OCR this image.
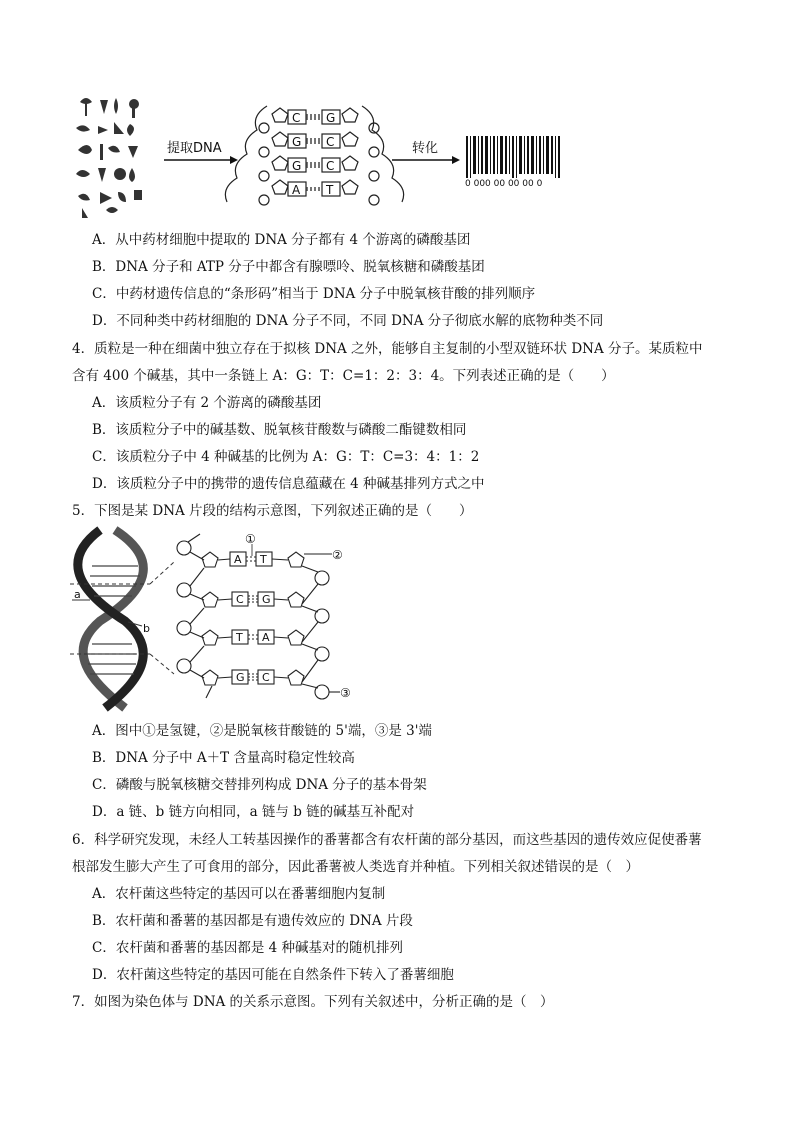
提取DNA
C G
G C
G C
A T
转化
0 000 00 00 00 0
A．从中药材细胞中提取的 DNA 分子都有 4 个游离的磷酸基团
B．DNA 分子和 ATP 分子中都含有腺嘌呤、脱氧核糖和磷酸基团
C．中药材遗传信息的“条形码”相当于 DNA 分子中脱氧核苷酸的排列顺序
D．不同种类中药材细胞的 DNA 分子不同，不同 DNA 分子彻底水解的底物种类不同
4．质粒是一种在细菌中独立存在于拟核 DNA 之外，能够自主复制的小型双链环状 DNA 分子。某质粒中
含有 400 个碱基，其中一条链上 A：G：T：C=1：2：3：4。下列表述正确的是（　　）
A．该质粒分子有 2 个游离的磷酸基团
B．该质粒分子中的碱基数、脱氧核苷酸数与磷酸二酯键数相同
C．该质粒分子中 4 种碱基的比例为 A：G：T：C=3：4：1：2
D．该质粒分子中的携带的遗传信息蕴藏在 4 种碱基排列方式之中
5．下图是某 DNA 片段的结构示意图，下列叙述正确的是（　　）
a
b
A T
C G
T A
G C
①
②
③
A．图中①是氢键，②是脱氧核苷酸链的 5'端，③是 3'端
B．DNA 分子中 A＋T 含量高时稳定性较高
C．磷酸与脱氧核糖交替排列构成 DNA 分子的基本骨架
D．a 链、b 链方向相同，a 链与 b 链的碱基互补配对
6．科学研究发现，未经人工转基因操作的番薯都含有农杆菌的部分基因，而这些基因的遗传效应促使番薯
根部发生膨大产生了可食用的部分，因此番薯被人类选育并种植。下列相关叙述错误的是（　）
A．农杆菌这些特定的基因可以在番薯细胞内复制
B．农杆菌和番薯的基因都是有遗传效应的 DNA 片段
C．农杆菌和番薯的基因都是 4 种碱基对的随机排列
D．农杆菌这些特定的基因可能在自然条件下转入了番薯细胞
7．如图为染色体与 DNA 的关系示意图。下列有关叙述中，分析正确的是（　）
